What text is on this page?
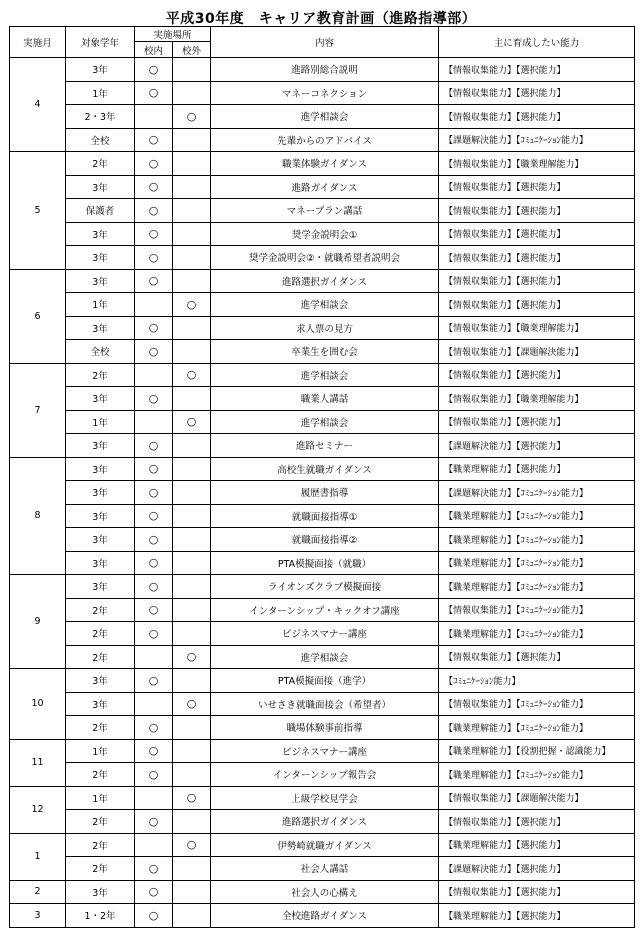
平成30年度　キャリア教育計画（進路指導部）
実施月	対象学年	実施場所		内容	主に育成したい能力
		校内	校外		
4	3年	○		進路別総合説明	【情報収集能力】【選択能力】
	1年	○		マネーコネクション	【情報収集能力】【選択能力】
	2・3年		○	進学相談会	【情報収集能力】【選択能力】
	全校	○		先輩からのアドバイス	【課題解決能力】【ｺﾐｭﾆｹｰｼｮﾝ能力】
5	2年	○		職業体験ガイダンス	【情報収集能力】【職業理解能力】
	3年	○		進路ガイダンス	【情報収集能力】【選択能力】
	保護者	○		マネープラン講話	【情報収集能力】【選択能力】
	3年	○		奨学金説明会①	【情報収集能力】【選択能力】
	3年	○		奨学金説明会②・就職希望者説明会	【情報収集能力】【選択能力】
6	3年	○		進路選択ガイダンス	【情報収集能力】【選択能力】
	1年		○	進学相談会	【情報収集能力】【選択能力】
	3年	○		求人票の見方	【情報収集能力】【職業理解能力】
	全校	○		卒業生を囲む会	【情報収集能力】【課題解決能力】
7	2年		○	進学相談会	【情報収集能力】【選択能力】
	3年	○		職業人講話	【情報収集能力】【職業理解能力】
	1年		○	進学相談会	【情報収集能力】【選択能力】
	3年	○		進路セミナー	【課題解決能力】【選択能力】
8	3年	○		高校生就職ガイダンス	【職業理解能力】【選択能力】
	3年	○		履歴書指導	【課題解決能力】【ｺﾐｭﾆｹｰｼｮﾝ能力】
	3年	○		就職面接指導①	【職業理解能力】【ｺﾐｭﾆｹｰｼｮﾝ能力】
	3年	○		就職面接指導②	【職業理解能力】【ｺﾐｭﾆｹｰｼｮﾝ能力】
	3年	○		PTA模擬面接（就職）	【職業理解能力】【ｺﾐｭﾆｹｰｼｮﾝ能力】
9	3年	○		ライオンズクラブ模擬面接	【職業理解能力】【ｺﾐｭﾆｹｰｼｮﾝ能力】
	2年	○		インターンシップ・キックオフ講座	【情報収集能力】【ｺﾐｭﾆｹｰｼｮﾝ能力】
	2年	○		ビジネスマナー講座	【職業理解能力】【ｺﾐｭﾆｹｰｼｮﾝ能力】
	2年		○	進学相談会	【情報収集能力】【選択能力】
10	3年	○		PTA模擬面接（進学）	【ｺﾐｭﾆｹｰｼｮﾝ能力】
	3年		○	いせさき就職面接会（希望者）	【情報収集能力】【ｺﾐｭﾆｹｰｼｮﾝ能力】
	2年	○		職場体験事前指導	【職業理解能力】【ｺﾐｭﾆｹｰｼｮﾝ能力】
11	1年	○		ビジネスマナー講座	【職業理解能力】【役割把握・認識能力】
	2年	○		インターンシップ報告会	【職業理解能力】【ｺﾐｭﾆｹｰｼｮﾝ能力】
12	1年		○	上級学校見学会	【情報収集能力】【課題解決能力】
	2年	○		進路選択ガイダンス	【情報収集能力】【選択能力】
1	2年		○	伊勢崎就職ガイダンス	【職業理解能力】【選択能力】
	2年	○		社会人講話	【課題解決能力】【選択能力】
2	3年	○		社会人の心構え	【情報収集能力】【選択能力】
3	1・2年	○		全校進路ガイダンス	【職業理解能力】【選択能力】
